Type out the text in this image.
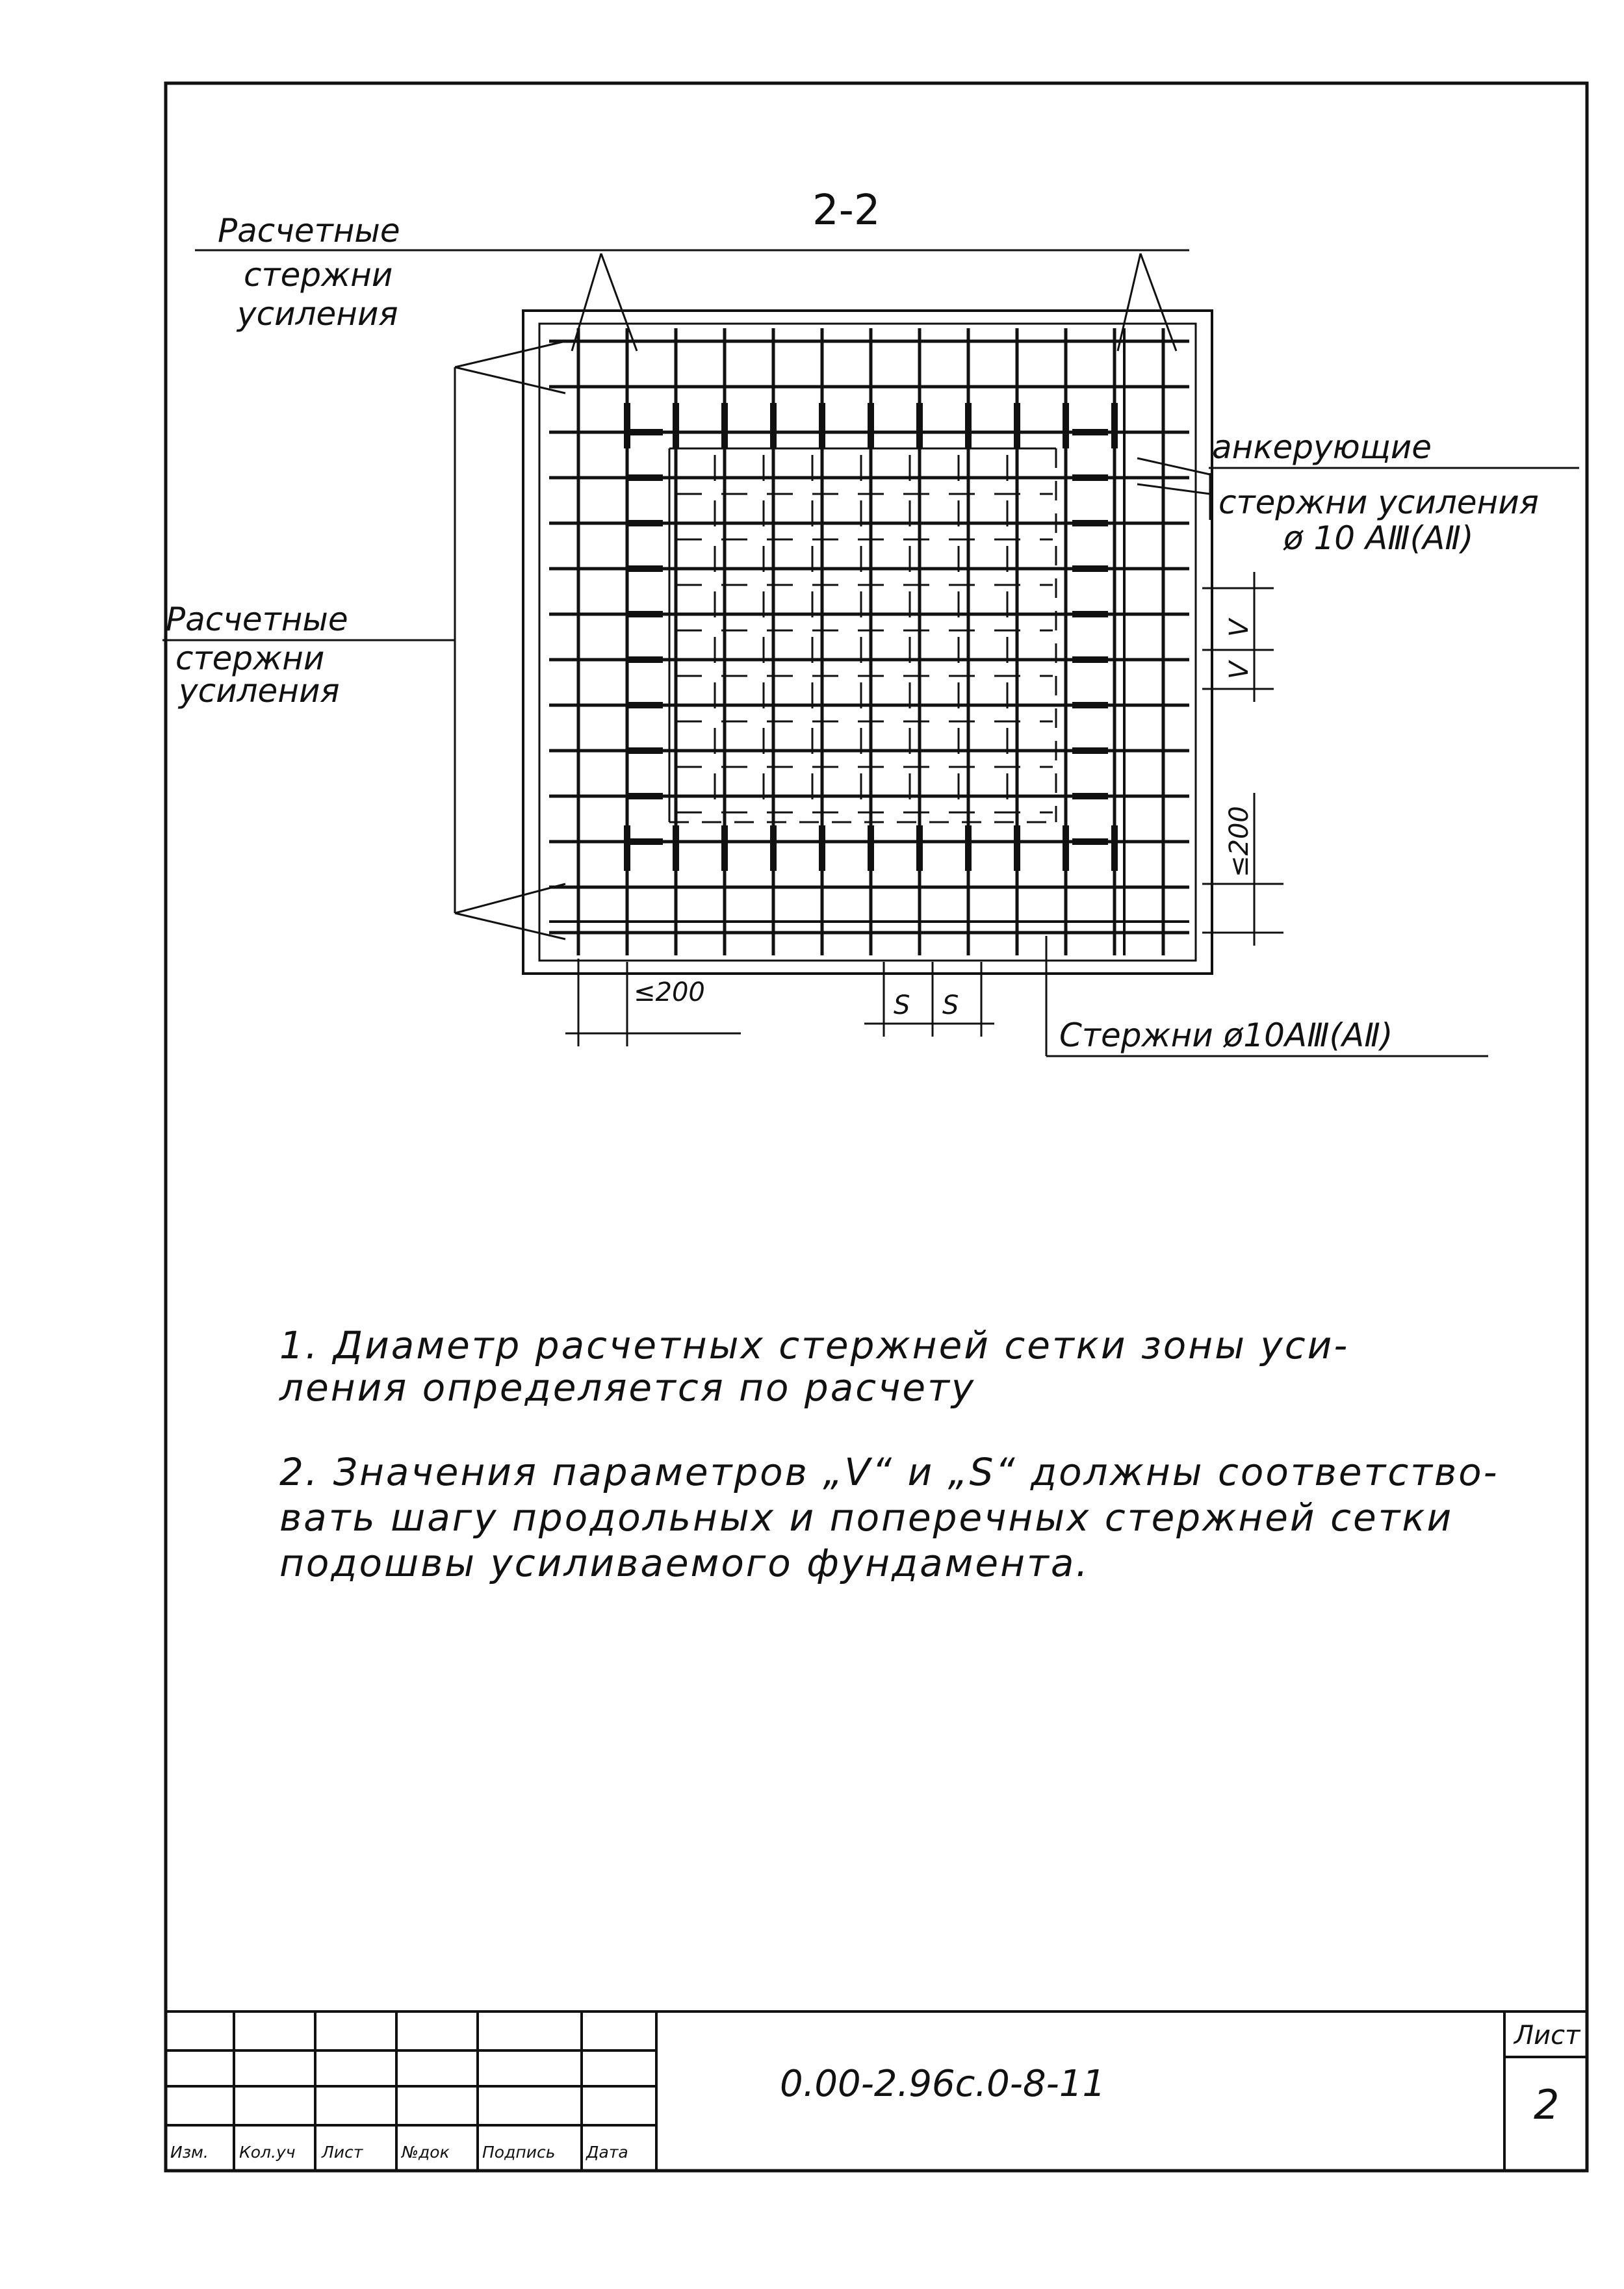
2-2
Расчетные
стержни
усиления
Расчетные
стержни
усиления
анкерующие
стержни усиления
ø 10 AⅢ(AⅡ)
Стержни ø10AⅢ(AⅡ)
≤200	S S
V
V
≤200
1. Диаметр расчетных стержней сетки зоны уси-
ления определяется по расчету
2. Значения параметров „V“ и „S“ должны соответство-
вать шагу продольных и поперечных стержней сетки
подошвы усиливаемого фундамента.
Изм. Кол.уч Лист №док Подпись Дата
0.00-2.96с.0-8-11
Лист
2
